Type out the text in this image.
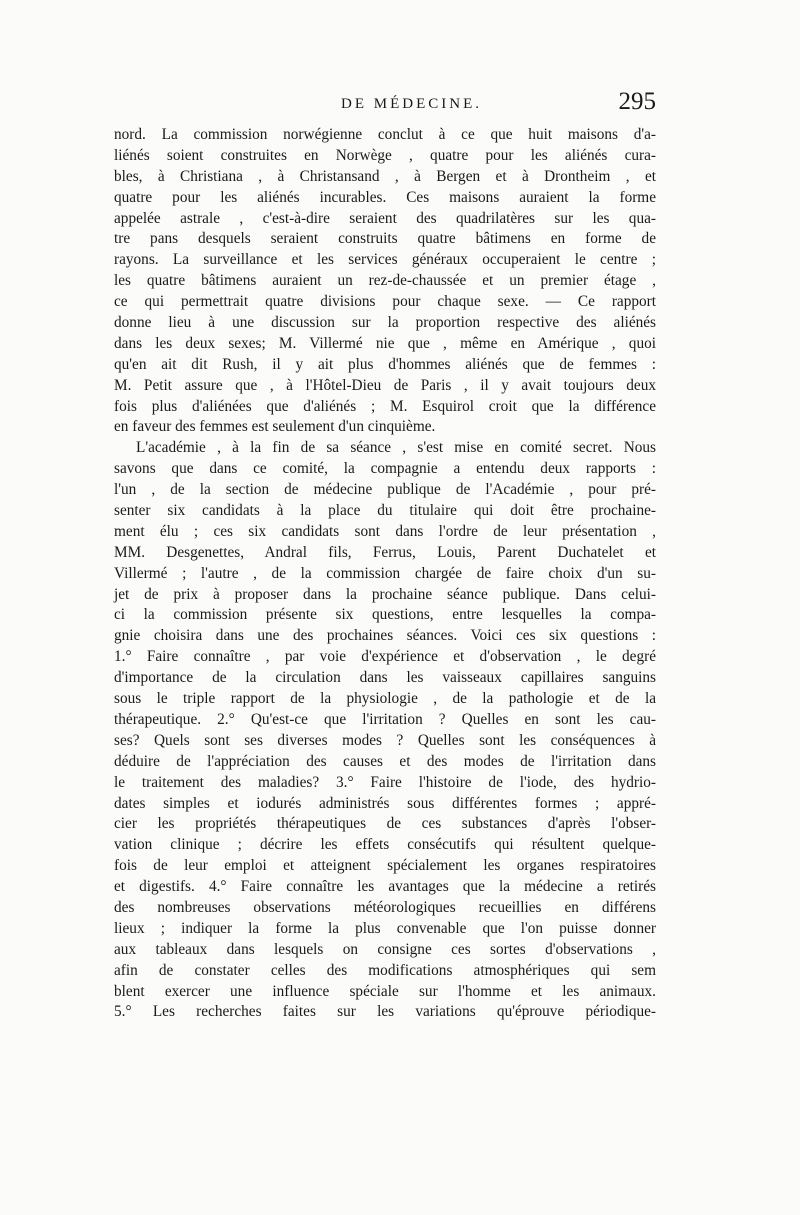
DE MÉDECINE.	295
nord. La commission norwégienne conclut à ce que huit maisons d'a-
liénés soient construites en Norwège , quatre pour les aliénés cura-
bles, à Christiana , à Christansand , à Bergen et à Drontheim , et
quatre pour les aliénés incurables. Ces maisons auraient la forme
appelée astrale , c'est-à-dire seraient des quadrilatères sur les qua-
tre pans desquels seraient construits quatre bâtimens en forme de
rayons. La surveillance et les services généraux occuperaient le centre ;
les quatre bâtimens auraient un rez-de-chaussée et un premier étage ,
ce qui permettrait quatre divisions pour chaque sexe. — Ce rapport
donne lieu à une discussion sur la proportion respective des aliénés
dans les deux sexes; M. Villermé nie que , même en Amérique , quoi
qu'en ait dit Rush, il y ait plus d'hommes aliénés que de femmes :
M. Petit assure que , à l'Hôtel-Dieu de Paris , il y avait toujours deux
fois plus d'aliénées que d'aliénés ; M. Esquirol croit que la différence
en faveur des femmes est seulement d'un cinquième.
L'académie , à la fin de sa séance , s'est mise en comité secret. Nous
savons que dans ce comité, la compagnie a entendu deux rapports :
l'un , de la section de médecine publique de l'Académie , pour pré-
senter six candidats à la place du titulaire qui doit être prochaine-
ment élu ; ces six candidats sont dans l'ordre de leur présentation ,
MM. Desgenettes, Andral fils, Ferrus, Louis, Parent Duchatelet et
Villermé ; l'autre , de la commission chargée de faire choix d'un su-
jet de prix à proposer dans la prochaine séance publique. Dans celui-
ci la commission présente six questions, entre lesquelles la compa-
gnie choisira dans une des prochaines séances. Voici ces six questions :
1.° Faire connaître , par voie d'expérience et d'observation , le degré
d'importance de la circulation dans les vaisseaux capillaires sanguins
sous le triple rapport de la physiologie , de la pathologie et de la
thérapeutique. 2.° Qu'est-ce que l'irritation ? Quelles en sont les cau-
ses? Quels sont ses diverses modes ? Quelles sont les conséquences à
déduire de l'appréciation des causes et des modes de l'irritation dans
le traitement des maladies? 3.° Faire l'histoire de l'iode, des hydrio-
dates simples et iodurés administrés sous différentes formes ; appré-
cier les propriétés thérapeutiques de ces substances d'après l'obser-
vation clinique ; décrire les effets consécutifs qui résultent quelque-
fois de leur emploi et atteignent spécialement les organes respiratoires
et digestifs. 4.° Faire connaître les avantages que la médecine a retirés
des nombreuses observations météorologiques recueillies en différens
lieux ; indiquer la forme la plus convenable que l'on puisse donner
aux tableaux dans lesquels on consigne ces sortes d'observations ,
afin de constater celles des modifications atmosphériques qui sem
blent exercer une influence spéciale sur l'homme et les animaux.
5.° Les recherches faites sur les variations qu'éprouve périodique-
